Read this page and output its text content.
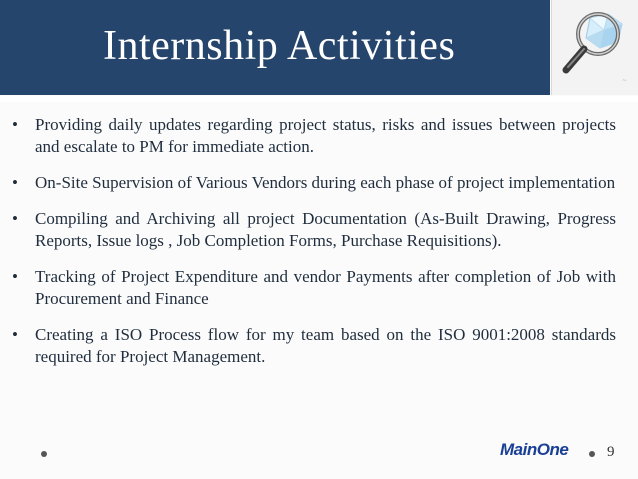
Internship Activities
~
• Providing daily updates regarding project status, risks and issues between projects and escalate to PM for immediate action.
• On-Site Supervision of Various Vendors during each phase of project implementation
• Compiling and Archiving all project Documentation (As-Built Drawing, Progress Reports, Issue logs , Job Completion Forms, Purchase Requisitions).
• Tracking of Project Expenditure and vendor Payments after completion of Job with Procurement and Finance
• Creating a ISO Process flow for my team based on the ISO 9001:2008 standards required for Project Management.
MainOne	9
